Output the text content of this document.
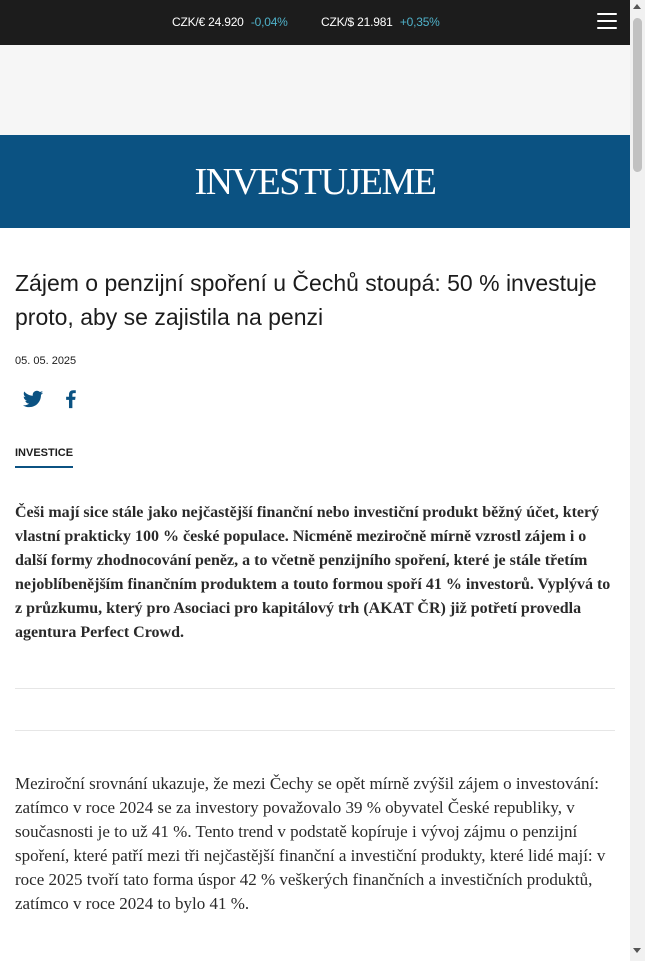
CZK/€ 24.920 -0,04%	CZK/$ 21.981 +0,35%
INVESTUJEME
Zájem o penzijní spoření u Čechů stoupá: 50 % investuje proto, aby se zajistila na penzi
05. 05. 2025
INVESTICE

Češi mají sice stále jako nejčastější finanční nebo investiční produkt běžný účet, který vlastní prakticky 100 % české populace. Nicméně meziročně mírně vzrostl zájem i o další formy zhodnocování peněz, a to včetně penzijního spoření, které je stále třetím nejoblíbenějším finančním produktem a touto formou spoří 41 % investorů. Vyplývá to z průzkumu, který pro Asociaci pro kapitálový trh (AKAT ČR) již potřetí provedla agentura Perfect Crowd.

Meziroční srovnání ukazuje, že mezi Čechy se opět mírně zvýšil zájem o investování: zatímco v roce 2024 se za investory považovalo 39 % obyvatel České republiky, v současnosti je to už 41 %. Tento trend v podstatě kopíruje i vývoj zájmu o penzijní spoření, které patří mezi tři nejčastější finanční a investiční produkty, které lidé mají: v roce 2025 tvoří tato forma úspor 42 % veškerých finančních a investičních produktů, zatímco v roce 2024 to bylo 41 %.
